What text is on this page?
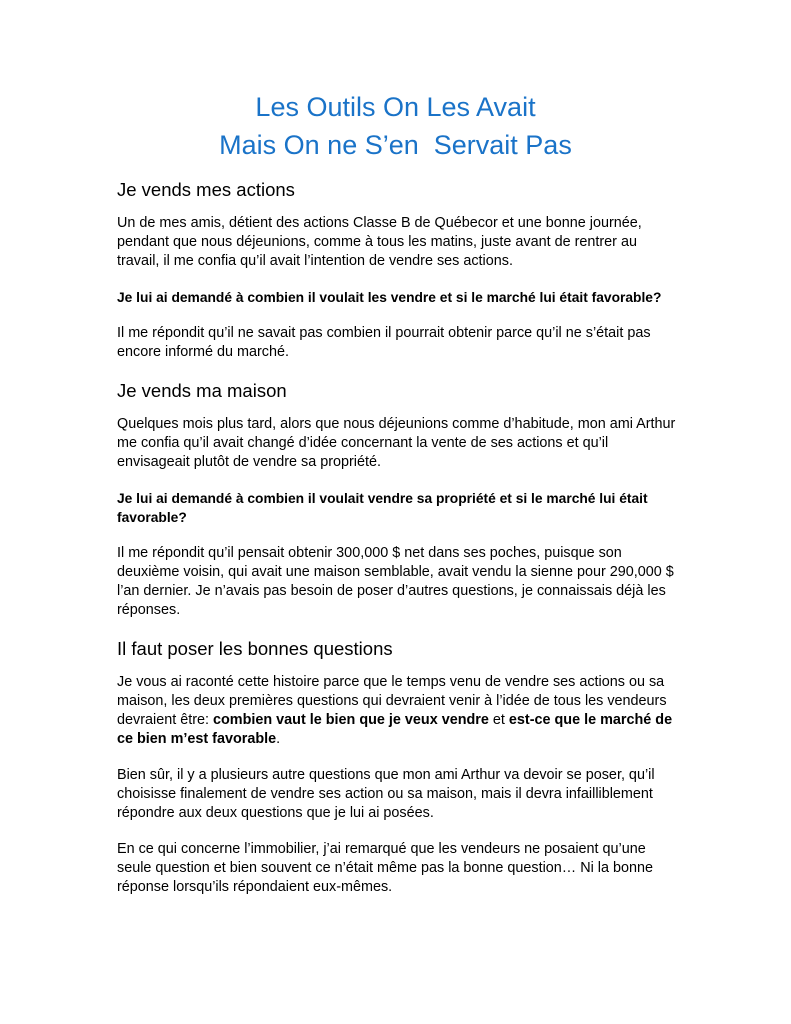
Les Outils On Les Avait
Mais On ne S’en  Servait Pas
Je vends mes actions

Un de mes amis, détient des actions Classe B de Québecor et une bonne journée, pendant que nous déjeunions, comme à tous les matins, juste avant de rentrer au travail, il me confia qu’il avait l’intention de vendre ses actions.

Je lui ai demandé à combien il voulait les vendre et si le marché lui était favorable?

Il me répondit qu’il ne savait pas combien il pourrait obtenir parce qu’il ne s’était pas encore informé du marché.

Je vends ma maison

Quelques mois plus tard, alors que nous déjeunions comme d’habitude, mon ami Arthur me confia qu’il avait changé d’idée concernant la vente de ses actions et qu’il envisageait plutôt de vendre sa propriété.

Je lui ai demandé à combien il voulait vendre sa propriété et si le marché lui était favorable?

Il me répondit qu’il pensait obtenir 300,000 $ net dans ses poches, puisque son deuxième voisin, qui avait une maison semblable, avait vendu la sienne pour 290,000 $ l’an dernier. Je n’avais pas besoin de poser d’autres questions, je connaissais déjà les réponses.

Il faut poser les bonnes questions

Je vous ai raconté cette histoire parce que le temps venu de vendre ses actions ou sa maison, les deux premières questions qui devraient venir à l’idée de tous les vendeurs devraient être: combien vaut le bien que je veux vendre et est-ce que le marché de ce bien m’est favorable.

Bien sûr, il y a plusieurs autre questions que mon ami Arthur va devoir se poser, qu’il choisisse finalement de vendre ses action ou sa maison, mais il devra infailliblement répondre aux deux questions que je lui ai posées.

En ce qui concerne l’immobilier, j’ai remarqué que les vendeurs ne posaient qu’une seule question et bien souvent ce n’était même pas la bonne question… Ni la bonne réponse lorsqu’ils répondaient eux-mêmes.
